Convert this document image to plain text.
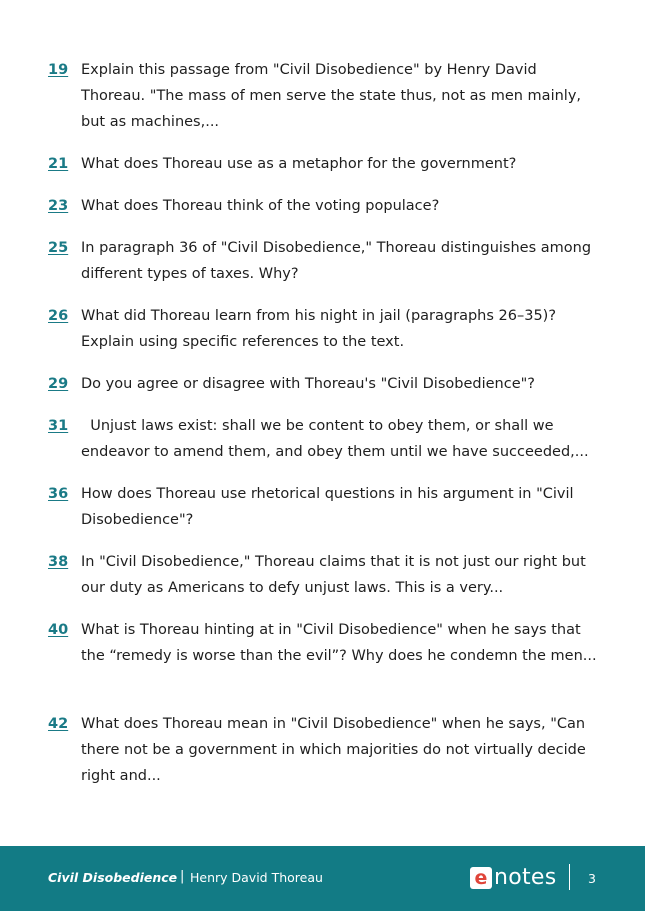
19 Explain this passage from "Civil Disobedience" by Henry David Thoreau. "The mass of men serve the state thus, not as men mainly, but as machines,...
21 What does Thoreau use as a metaphor for the government?
23 What does Thoreau think of the voting populace?
25 In paragraph 36 of "Civil Disobedience," Thoreau distinguishes among different types of taxes. Why?
26 What did Thoreau learn from his night in jail (paragraphs 26–35)? Explain using specific references to the text.
29 Do you agree or disagree with Thoreau's "Civil Disobedience"?
31 Unjust laws exist: shall we be content to obey them, or shall we endeavor to amend them, and obey them until we have succeeded,...
36 How does Thoreau use rhetorical questions in his argument in "Civil Disobedience"?
38 In "Civil Disobedience," Thoreau claims that it is not just our right but our duty as Americans to defy unjust laws. This is a very...
40 What is Thoreau hinting at in "Civil Disobedience" when he says that the “remedy is worse than the evil”? Why does he condemn the men...
42 What does Thoreau mean in "Civil Disobedience" when he says, "Can there not be a government in which majorities do not virtually decide right and...
Civil Disobedience | Henry David Thoreau	e notes	3
